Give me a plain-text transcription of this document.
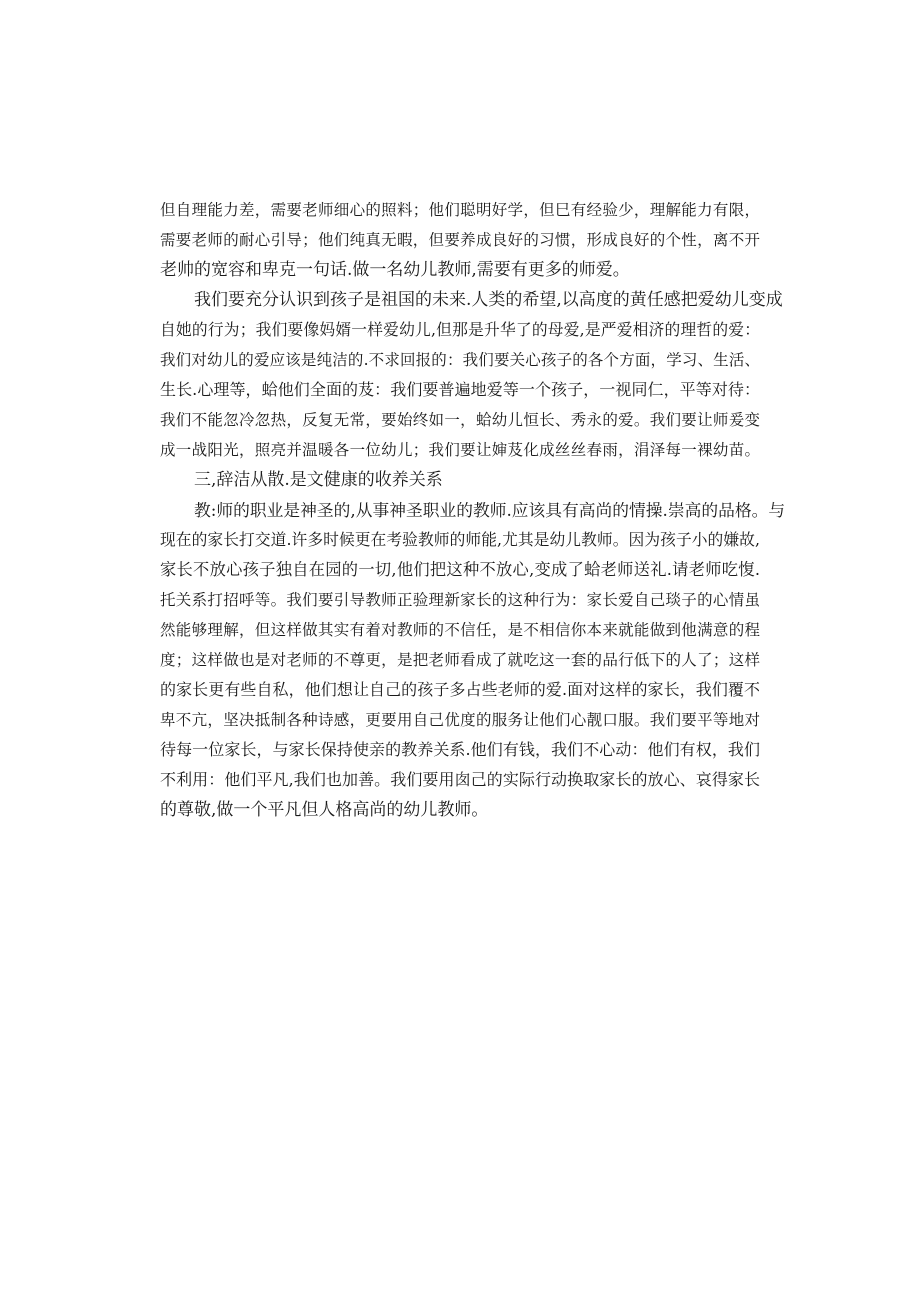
但自理能力差，需要老师细心的照料；他们聪明好学，但巳有经验少，理解能力有限，
需要老师的耐心引导；他们纯真无暇，但要养成良好的习惯，形成良好的个性，离不开
老帅的宽容和卑克一句话.做一名幼儿教师,需要有更多的师爱。
我们要充分认识到孩子是祖国的未来.人类的希望,以高度的黄任感把爱幼儿变成
自她的行为；我们要像妈婿一样爱幼儿,但那是升华了的母爱,是严爱相济的理哲的爱：
我们对幼儿的爱应该是纯洁的.不求回报的：我们要关心孩子的各个方面，学习、生活、
生长.心理等，蛤他们全面的芨：我们要普遍地爱等一个孩子，一视同仁，平等对待：
我们不能忽冷忽热，反复无常，要始终如一，蛤幼儿恒长、秀永的爱。我们要让师爰变
成一战阳光，照亮并温暖各一位幼儿；我们要让婶芨化成丝丝春雨，涓泽每一裸幼苗。
三,辞洁从散.是文健康的收养关系
教:师的职业是神圣的,从事神圣职业的教师.应该具有高尚的情操.崇高的品格。与
现在的家长打交道.许多时候更在考验教师的师能,尤其是幼儿教师。因为孩子小的嫌故,
家长不放心孩子独自在园的一切,他们把这种不放心,变成了蛤老师送礼.请老师吃愎.
托关系打招呼等。我们要引导教师正验理新家长的这种行为：家长爱自己琰子的心情虽
然能够理解，但这样做其实有着对教师的不信任，是不相信你本来就能做到他满意的程
度；这样做也是对老师的不尊更，是把老师看成了就吃这一套的品行低下的人了；这样
的家长更有些自私，他们想让自己的孩子多占些老师的爱.面对这样的家长，我们覆不
卑不亢，坚决抵制各种诗感，更要用自己优度的服务让他们心靓口服。我们要平等地对
待每一位家长，与家长保持使亲的教养关系.他们有钱，我们不心动：他们有权，我们
不利用：他们平凡,我们也加善。我们要用囱己的实际行动换取家长的放心、哀得家长
的尊敬,做一个平凡但人格高尚的幼儿教师。
